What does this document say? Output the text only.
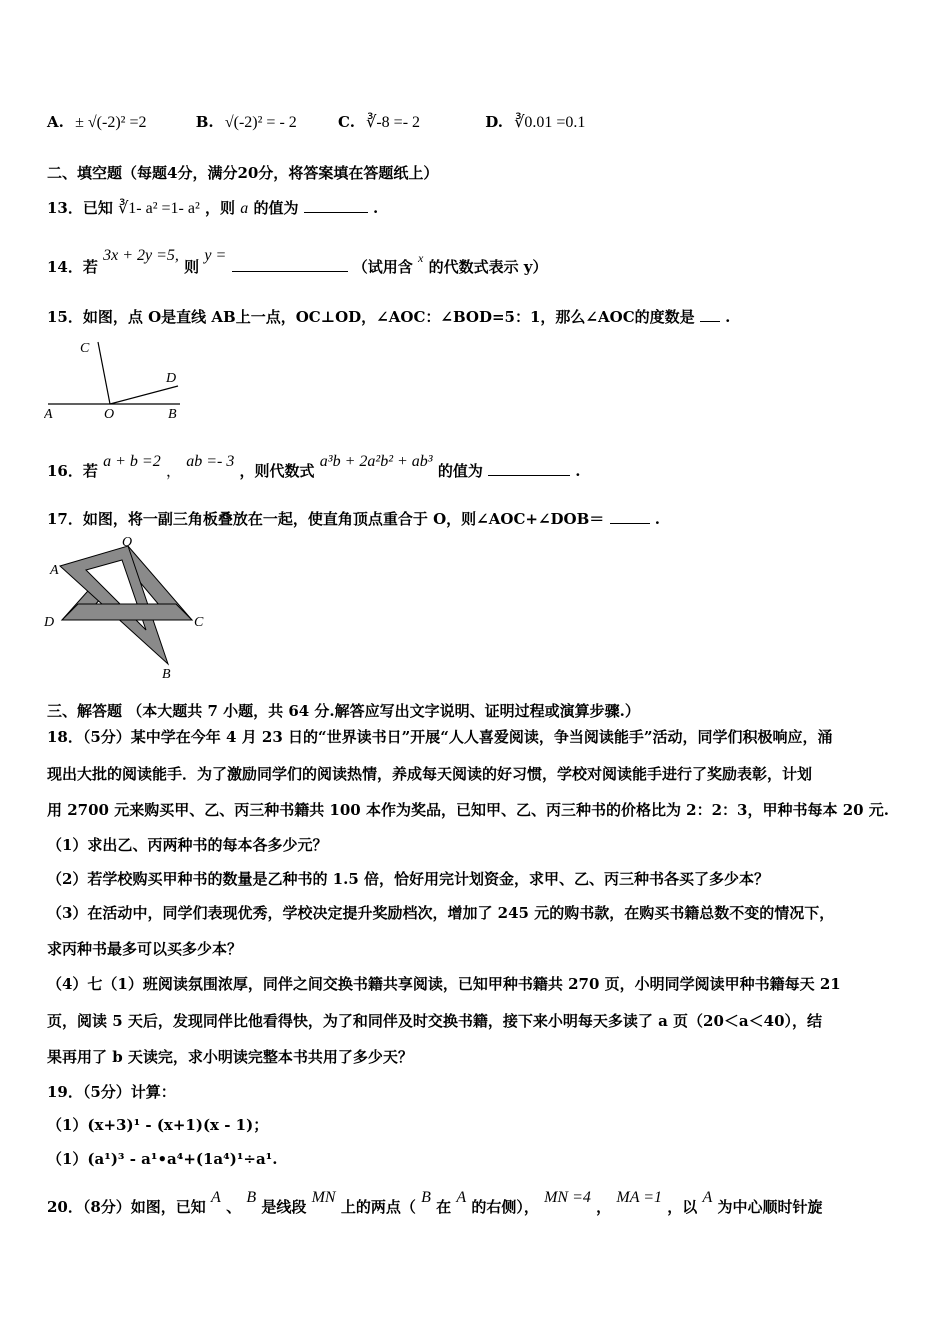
A. ± √(-2)² =2	B. √(-2)² = - 2	C. ∛-8 =- 2	D. ∛0.01 =0.1
二、填空题（每题4分，满分20分，将答案填在答题纸上）
13．已知 ∛1- a² =1- a² ，则 a 的值为	.
14．若 3x + 2y =5, 则 y =  （试用含 $^x$ 的代数式表示 y）
15．如图，点 O是直线 AB上一点，OC⊥OD，∠AOC：∠BOD=5：1，那么∠AOC的度数是 .
C
D
A	O	B
16．若 a + b =2 ， ab =- 3 ，则代数式 a³b + 2a²b² + ab³ 的值为	.
17．如图，将一副三角板叠放在一起，使直角顶点重合于 O，则∠AOC+∠DOB＝	.
O
A
D	C
B
三、解答题 （本大题共 7 小题，共 64 分.解答应写出文字说明、证明过程或演算步骤.）
18．（5分）某中学在今年 4 月 23 日的“世界读书日”开展“人人喜爱阅读，争当阅读能手”活动，同学们积极响应，涌
现出大批的阅读能手．为了激励同学们的阅读热情，养成每天阅读的好习惯，学校对阅读能手进行了奖励表彰，计划
用 2700 元来购买甲、乙、丙三种书籍共 100 本作为奖品，已知甲、乙、丙三种书的价格比为 2：2：3，甲种书每本 20 元.
（1）求出乙、丙两种书的每本各多少元？
（2）若学校购买甲种书的数量是乙种书的 1.5 倍，恰好用完计划资金，求甲、乙、丙三种书各买了多少本？
（3）在活动中，同学们表现优秀，学校决定提升奖励档次，增加了 245 元的购书款，在购买书籍总数不变的情况下，
求丙种书最多可以买多少本？
（4）七（1）班阅读氛围浓厚，同伴之间交换书籍共享阅读，已知甲种书籍共 270 页，小明同学阅读甲种书籍每天 21
页，阅读 5 天后，发现同伴比他看得快，为了和同伴及时交换书籍，接下来小明每天多读了 a 页（20＜a＜40），结
果再用了 b 天读完，求小明读完整本书共用了多少天？
19．（5分）计算：
（1）(x+3)¹ - (x+1)(x - 1)；
（1）(a¹)³ - a¹•a⁴+(1a⁴)¹÷a¹.
20．（8分）如图，已知 A 、 B 是线段 MN 上的两点（ B 在 A 的右侧）， MN =4 ， MA =1 ，以 A 为中心顺时针旋
